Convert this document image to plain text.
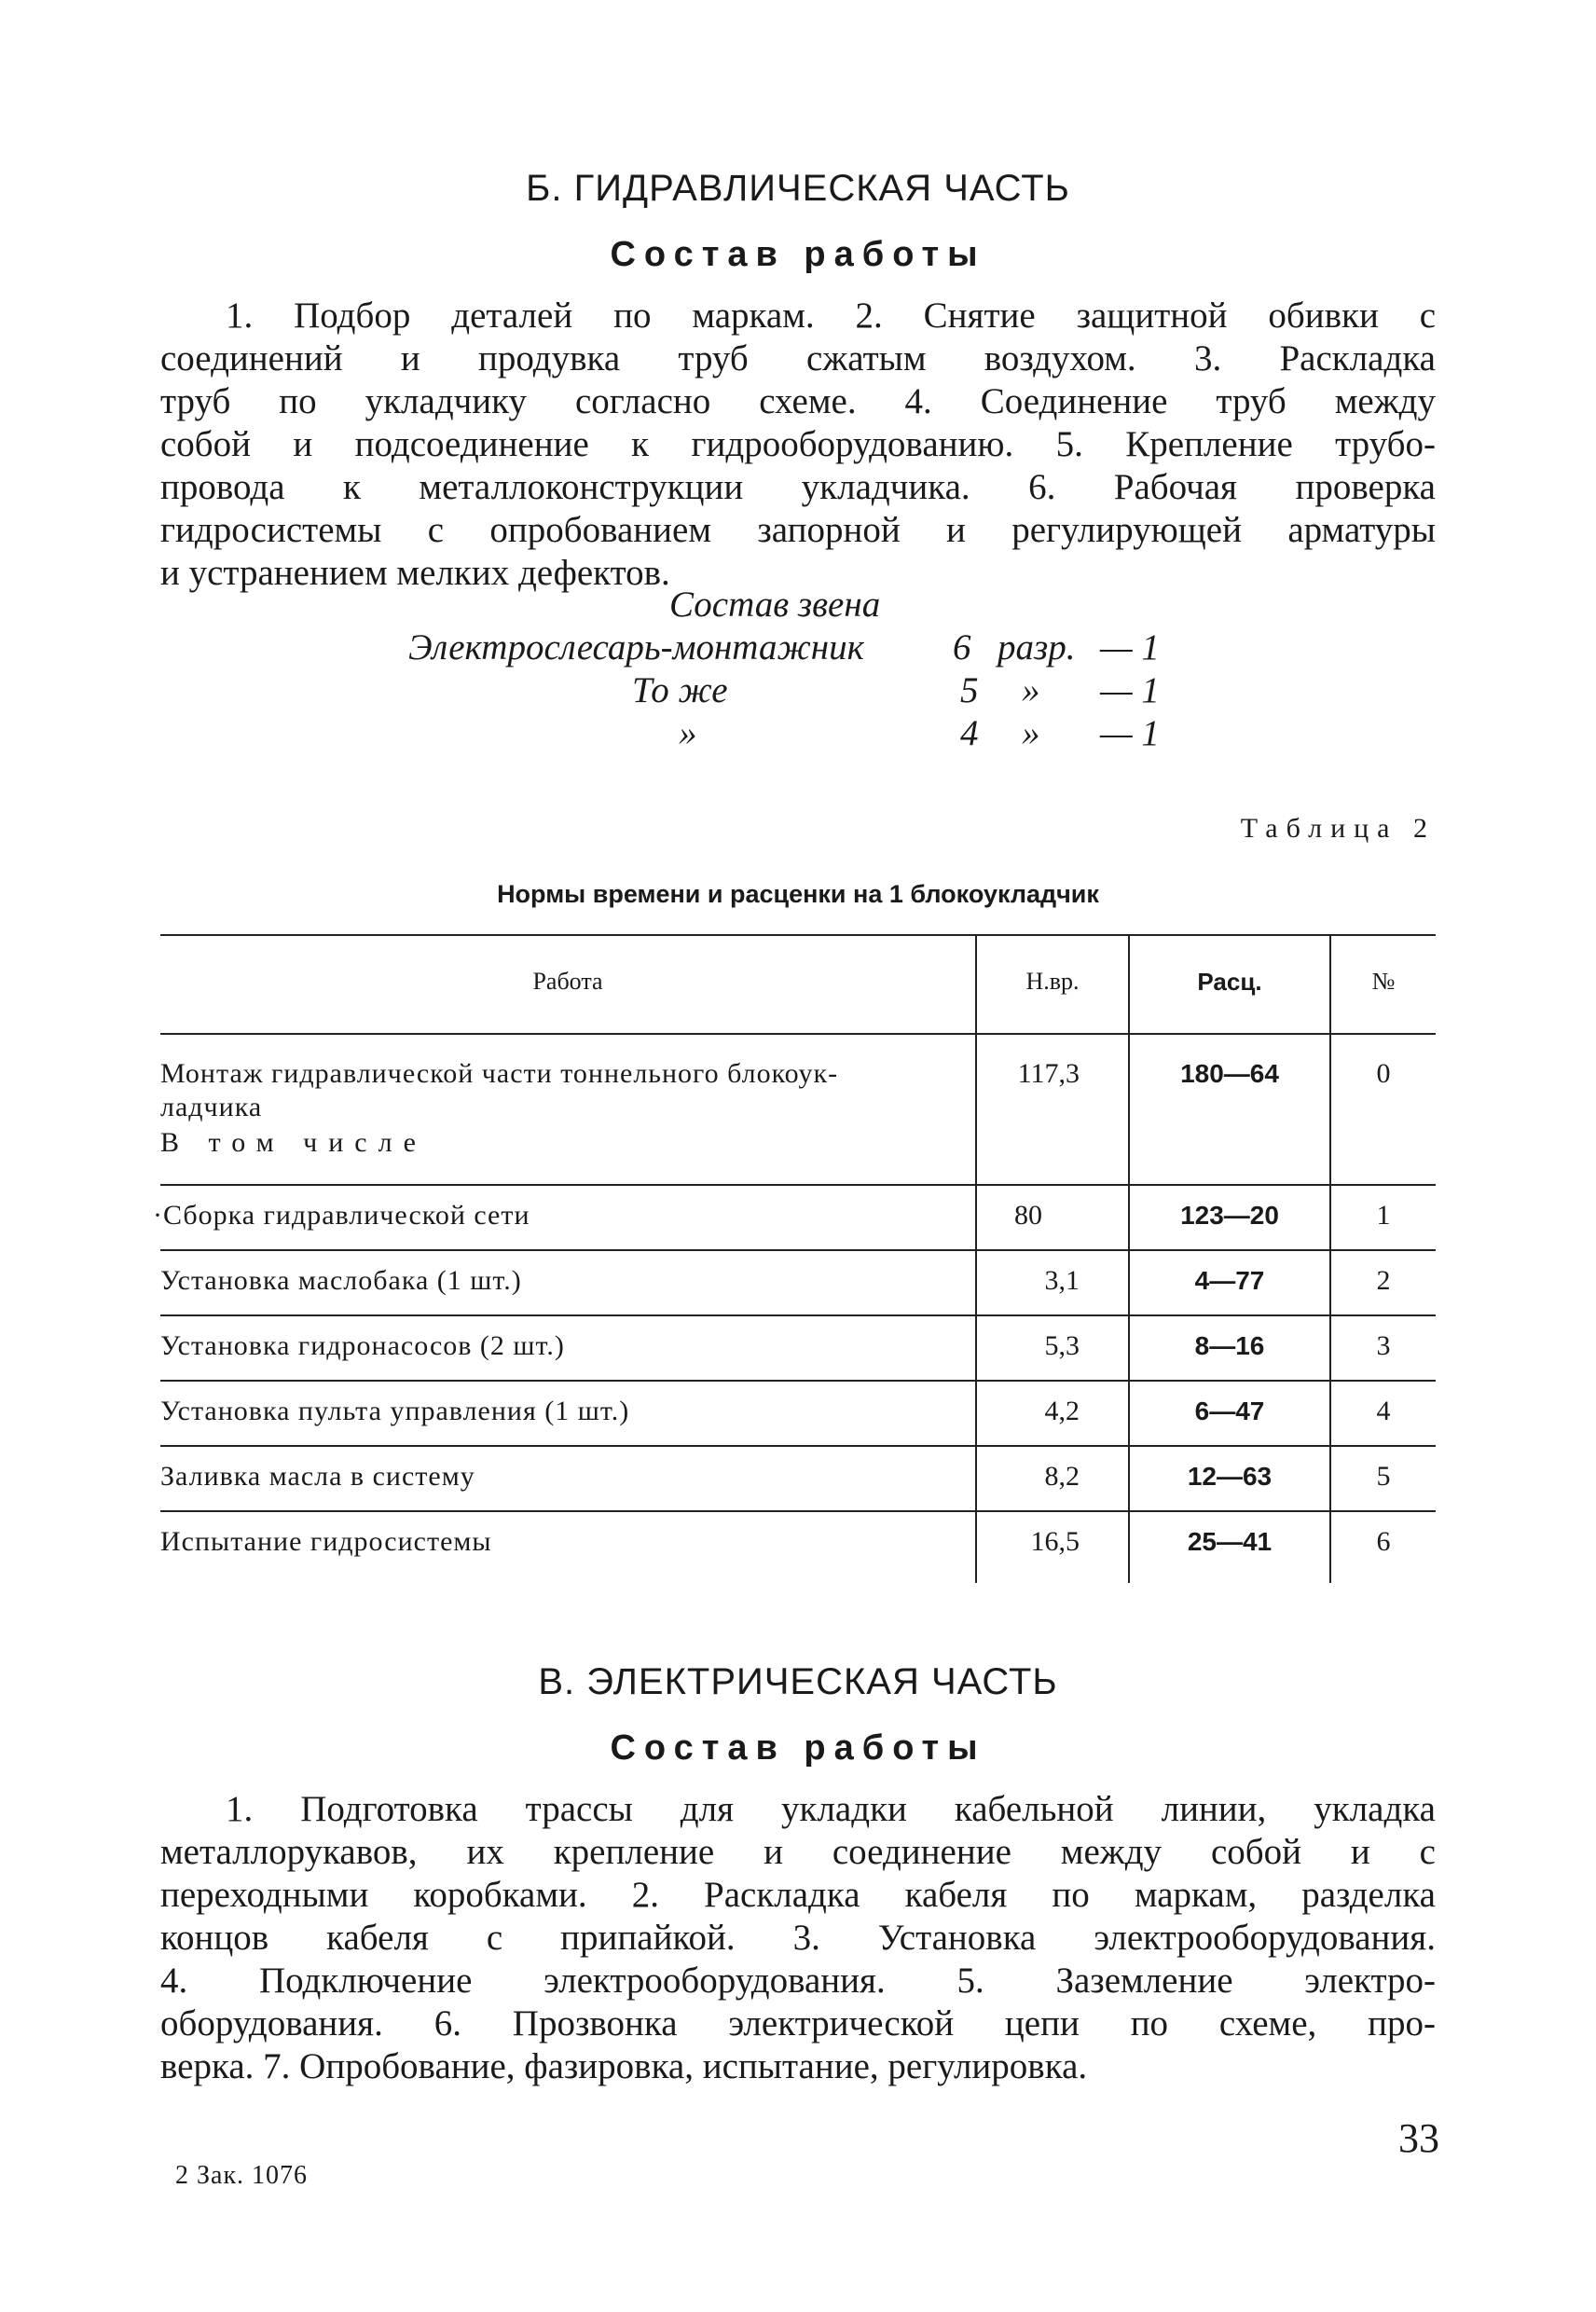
Б. ГИДРАВЛИЧЕСКАЯ ЧАСТЬ
Состав работы
1. Подбор деталей по маркам. 2. Снятие защитной обивки с
соединений и продувка труб сжатым воздухом. 3. Раскладка
труб по укладчику согласно схеме. 4. Соединение труб между
собой и подсоединение к гидрооборудованию. 5. Крепление трубо-
провода к металлоконструкции укладчика. 6. Рабочая проверка
гидросистемы с опробованием запорной и регулирующей арматуры
и устранением мелких дефектов.
Состав звена
Электрослесарь-монтажник 6 разр. — 1
То же	5 » — 1
»	4 » — 1
Таблица 2
Нормы времени и расценки на 1 блокоукладчик
Работа	Н.вр.	Расц.	№
Монтаж гидравлической части тоннельного блокоук-
ладчика
В том числе
117,3	180—64	0
·Сборка гидравлической сети	80	123—20	1
Установка маслобака (1 шт.)	3,1	4—77	2
Установка гидронасосов (2 шт.)	5,3	8—16	3
Установка пульта управления (1 шт.)	4,2	6—47	4
Заливка масла в систему	8,2	12—63	5
Испытание гидросистемы	16,5	25—41	6
В. ЭЛЕКТРИЧЕСКАЯ ЧАСТЬ
Состав работы
1. Подготовка трассы для укладки кабельной линии, укладка
металлорукавов, их крепление и соединение между собой и с
переходными коробками. 2. Раскладка кабеля по маркам, разделка
концов кабеля с припайкой. 3. Установка электрооборудования.
4. Подключение электрооборудования. 5. Заземление электро-
оборудования. 6. Прозвонка электрической цепи по схеме, про-
верка. 7. Опробование, фазировка, испытание, регулировка.
33
2 Зак. 1076
